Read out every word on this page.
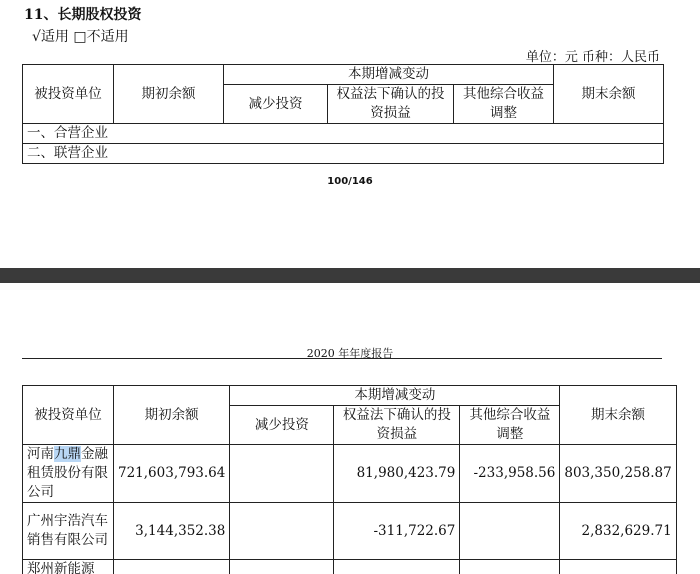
11、长期股权投资
√适用 □不适用
单位：元 币种：人民币
被投资单位	期初余额	本期增减变动			期末余额
		减少投资	权益法下确认的投资损益	其他综合收益调整	
一、合营企业					
二、联营企业					
100/146
2020 年年度报告
被投资单位	期初余额	本期增减变动			期末余额
		减少投资	权益法下确认的投资损益	其他综合收益调整	
河南九鼎金融租赁股份有限公司	721,603,793.64		81,980,423.79	-233,958.56	803,350,258.87
广州宇浩汽车销售有限公司	3,144,352.38		-311,722.67		2,832,629.71
郑州新能源					
